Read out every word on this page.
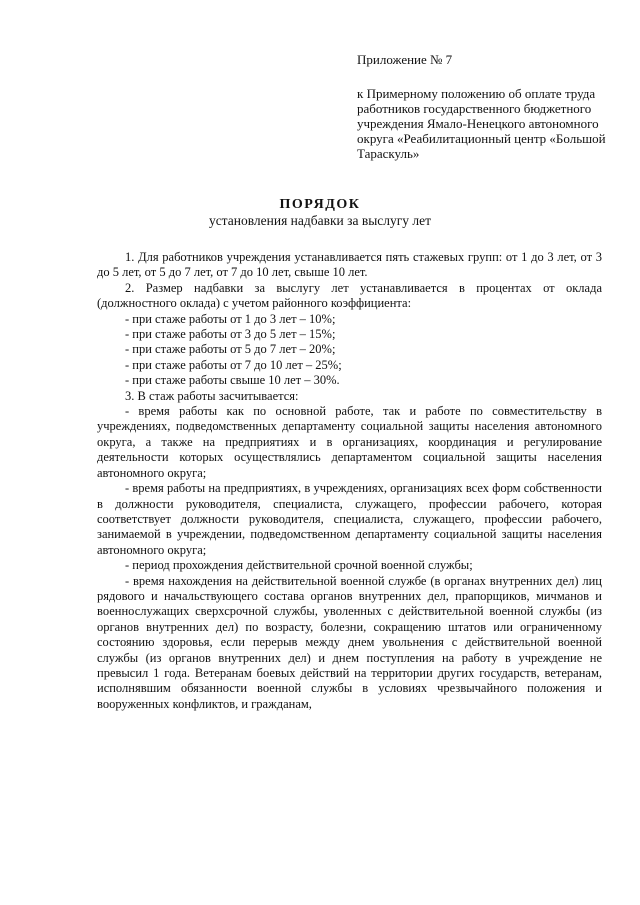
Приложение № 7
к Примерному положению об оплате труда работников государственного бюджетного учреждения Ямало-Ненецкого автономного округа «Реабилитационный центр «Большой Тараскуль»
ПОРЯДОК
установления надбавки за выслугу лет

1. Для работников учреждения устанавливается пять стажевых групп: от 1 до 3 лет, от 3 до 5 лет, от 5 до 7 лет, от 7 до 10 лет, свыше 10 лет.

2. Размер надбавки за выслугу лет устанавливается в процентах от оклада (должностного оклада) с учетом районного коэффициента:

- при стаже работы от 1 до 3 лет – 10%;

- при стаже работы от 3 до 5 лет – 15%;

- при стаже работы от 5 до 7 лет – 20%;

- при стаже работы от 7 до 10 лет – 25%;

- при стаже работы свыше 10 лет – 30%.

3. В стаж работы засчитывается:

- время работы как по основной работе, так и работе по совместительству в учреждениях, подведомственных департаменту социальной защиты населения автономного округа, а также на предприятиях и в организациях, координация и регулирование деятельности которых осуществлялись департаментом социальной защиты населения автономного округа;

- время работы на предприятиях, в учреждениях, организациях всех форм собственности в должности руководителя, специалиста, служащего, профессии рабочего, которая соответствует должности руководителя, специалиста, служащего, профессии рабочего, занимаемой в учреждении, подведомственном департаменту социальной защиты населения автономного округа;

- период прохождения действительной срочной военной службы;

- время нахождения на действительной военной службе (в органах внутренних дел) лиц рядового и начальствующего состава органов внутренних дел, прапорщиков, мичманов и военнослужащих сверхсрочной службы, уволенных с действительной военной службы (из органов внутренних дел) по возрасту, болезни, сокращению штатов или ограниченному состоянию здоровья, если перерыв между днем увольнения с действительной военной службы (из органов внутренних дел) и днем поступления на работу в учреждение не превысил 1 года. Ветеранам боевых действий на территории других государств, ветеранам, исполнявшим обязанности военной службы в условиях чрезвычайного положения и вооруженных конфликтов, и гражданам,
